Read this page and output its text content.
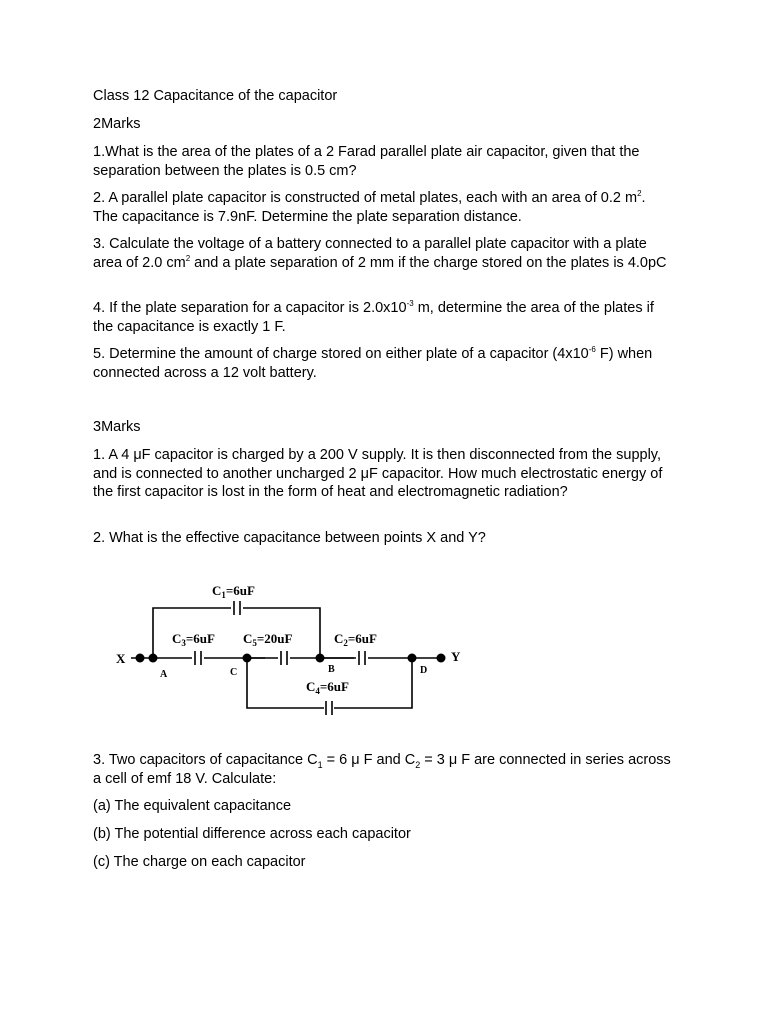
Class 12 Capacitance of the capacitor

2Marks

1.What is the area of the plates of a 2 Farad parallel plate air capacitor, given that the separation between the plates is 0.5 cm?

2. A parallel plate capacitor is constructed of metal plates, each with an area of 0.2 $m^2$. The capacitance is 7.9nF. Determine the plate separation distance.

3. Calculate the voltage of a battery connected to a parallel plate capacitor with a plate area of 2.0 $cm^2$ and a plate separation of 2 mm if the charge stored on the plates is 4.0pC

4. If the plate separation for a capacitor is $2.0x10^{-3}$ m, determine the area of the plates if the capacitance is exactly 1 F.

5. Determine the amount of charge stored on either plate of a capacitor ($4x10^{-6}$ F) when connected across a 12 volt battery.

3Marks

1. A 4 μF capacitor is charged by a 200 V supply. It is then disconnected from the supply, and is connected to another uncharged 2 μF capacitor. How much electrostatic energy of the first capacitor is lost in the form of heat and electromagnetic radiation?

2. What is the effective capacitance between points X and Y?

$C_1=6uF$
$C_3=6uF$ $C_5=20uF$	$C_2=6uF$
$C_4=6uF$
X	Y
A	C	B	D

3. Two capacitors of capacitance $C_1 = 6$ μ F and $C_2 = 3$ μ F are connected in series across a cell of emf 18 V. Calculate:

(a) The equivalent capacitance

(b) The potential difference across each capacitor

(c) The charge on each capacitor
